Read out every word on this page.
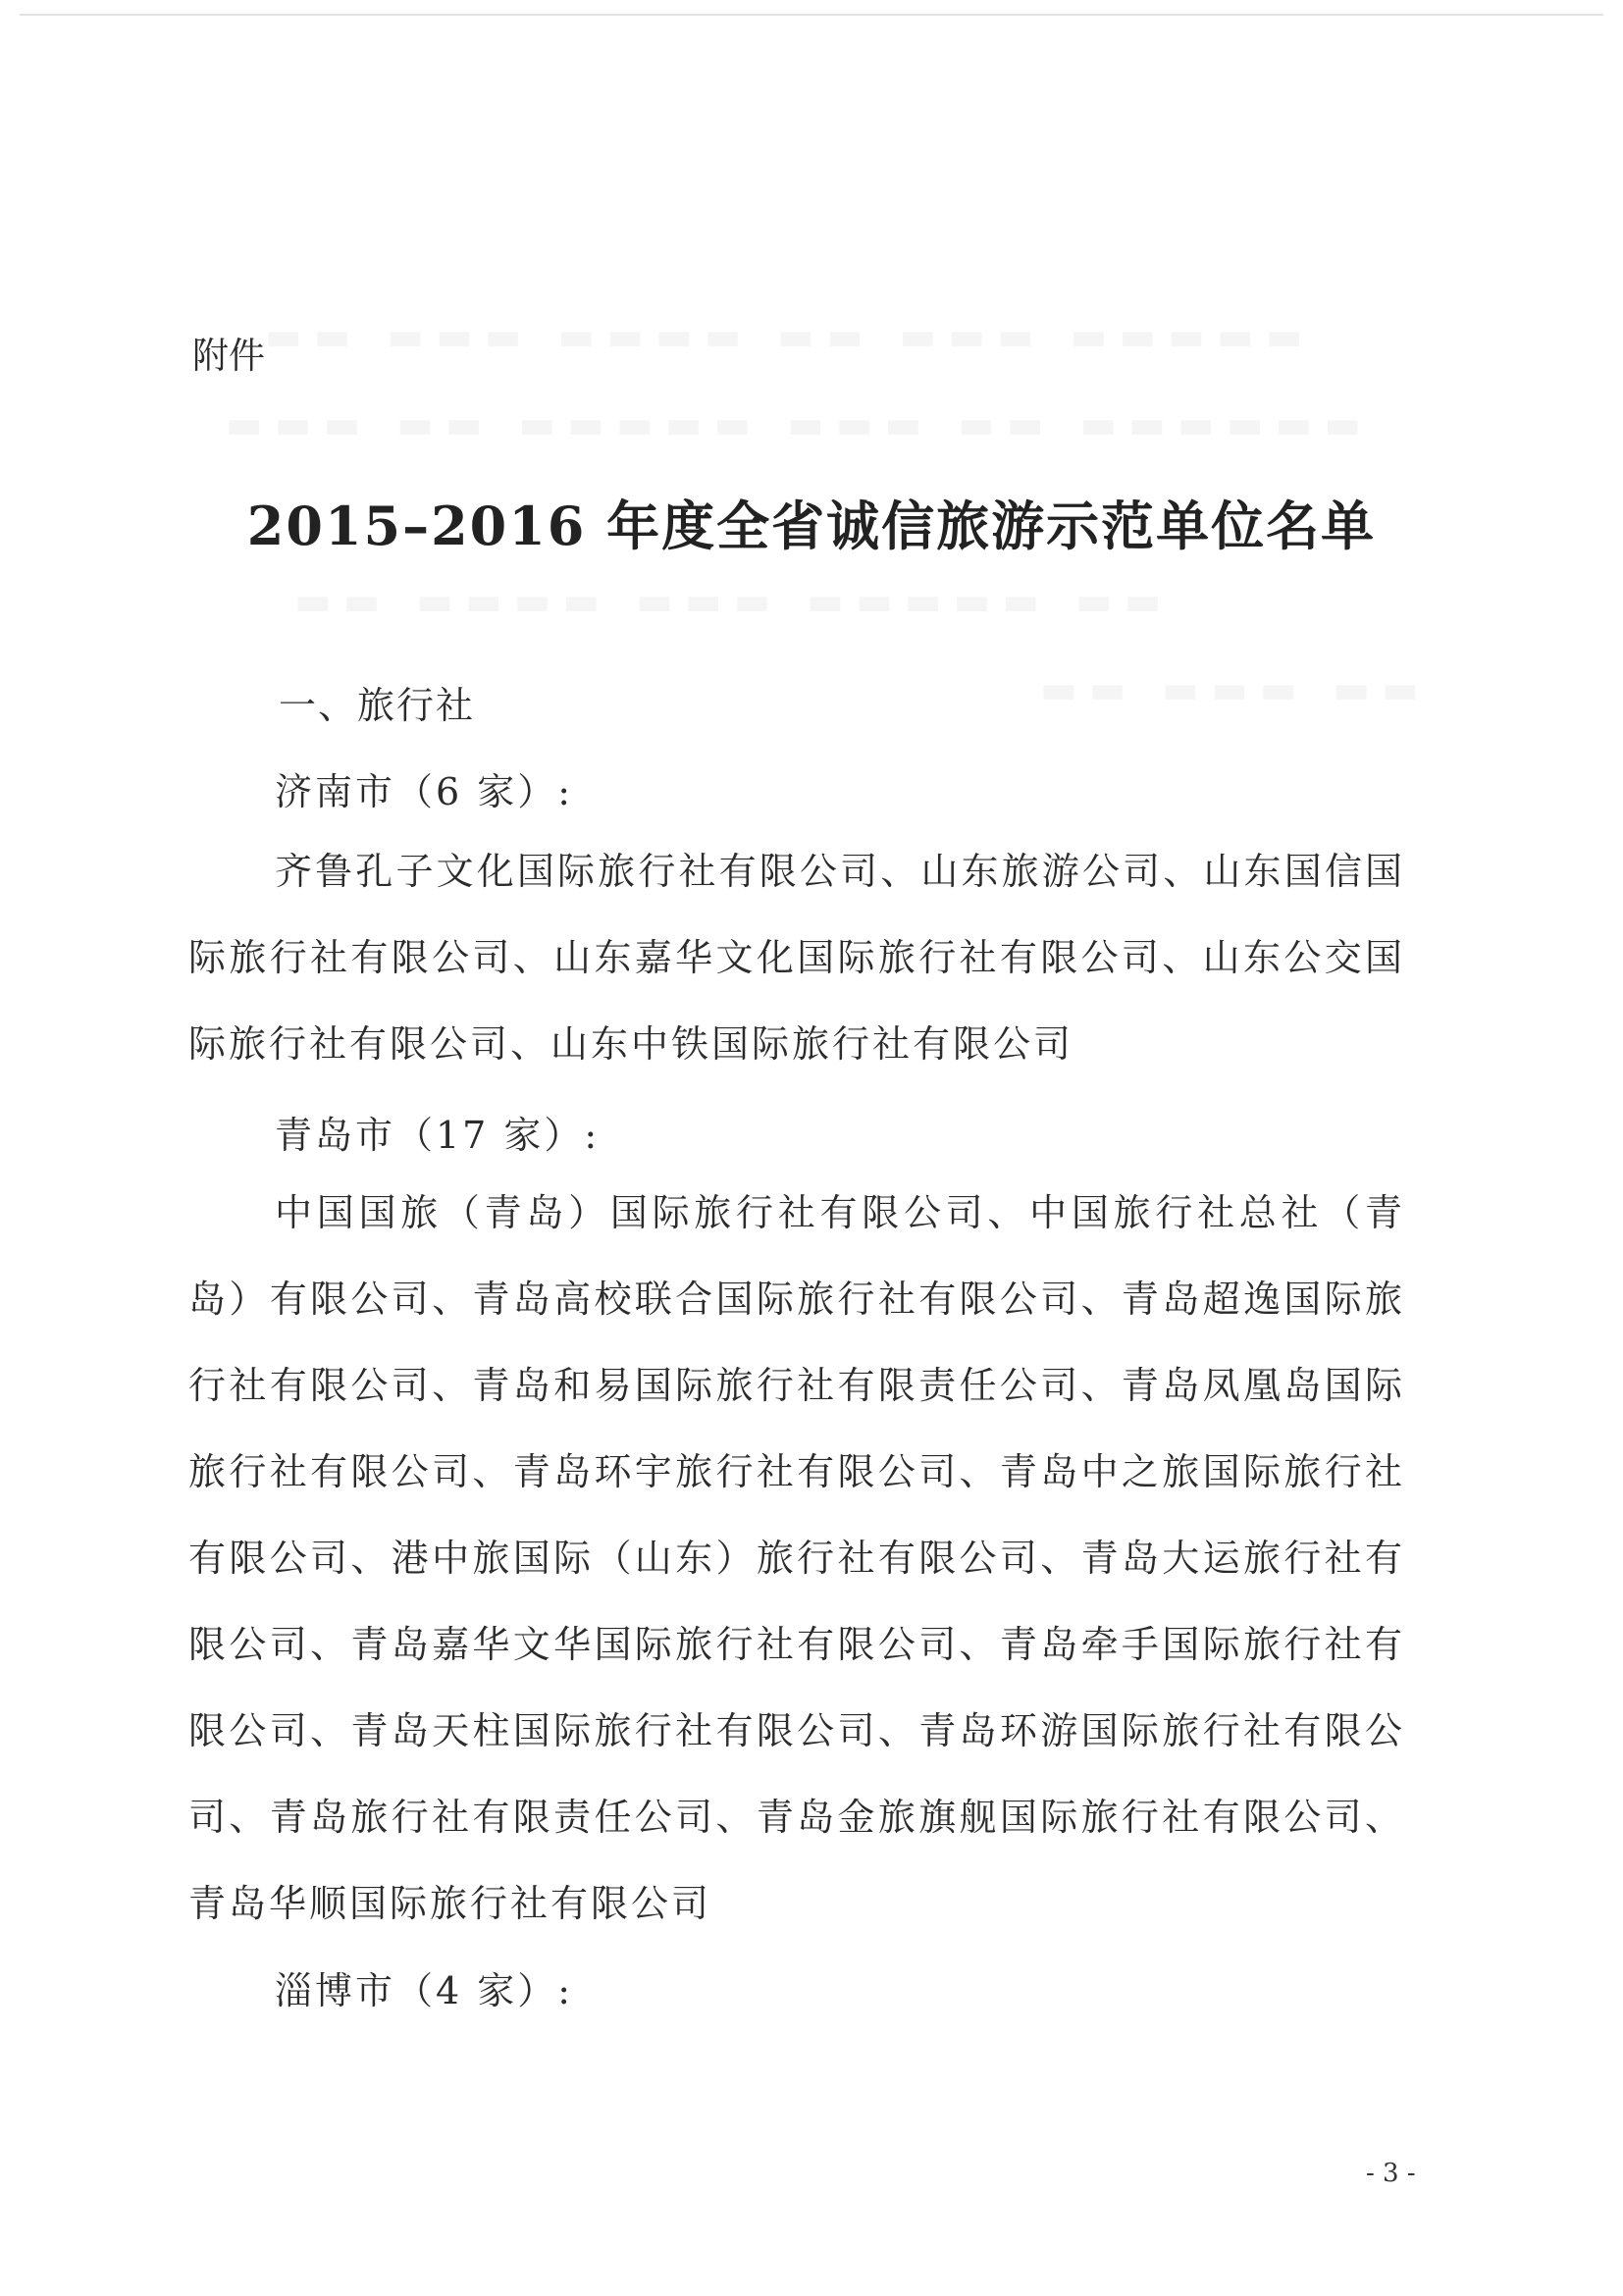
▬▬ ▬▬▬ ▬▬▬▬ ▬▬ ▬▬▬ ▬▬▬▬▬
▬▬▬ ▬▬ ▬▬▬▬▬ ▬▬▬ ▬▬ ▬▬▬▬▬▬
▬▬ ▬▬▬▬ ▬▬▬ ▬▬▬▬▬ ▬▬
▬▬ ▬▬▬ ▬▬
附件
2015–2016 年度全省诚信旅游示范单位名单
一、旅行社
济南市（6 家）:
齐鲁孔子文化国际旅行社有限公司、山东旅游公司、山东国信国际旅行社有限公司、山东嘉华文化国际旅行社有限公司、山东公交国际旅行社有限公司、山东中铁国际旅行社有限公司
青岛市（17 家）:
中国国旅（青岛）国际旅行社有限公司、中国旅行社总社（青岛）有限公司、青岛高校联合国际旅行社有限公司、青岛超逸国际旅行社有限公司、青岛和易国际旅行社有限责任公司、青岛凤凰岛国际旅行社有限公司、青岛环宇旅行社有限公司、青岛中之旅国际旅行社有限公司、港中旅国际（山东）旅行社有限公司、青岛大运旅行社有限公司、青岛嘉华文华国际旅行社有限公司、青岛牵手国际旅行社有限公司、青岛天柱国际旅行社有限公司、青岛环游国际旅行社有限公司、青岛旅行社有限责任公司、青岛金旅旗舰国际旅行社有限公司、青岛华顺国际旅行社有限公司
淄博市（4 家）:
- 3 -
